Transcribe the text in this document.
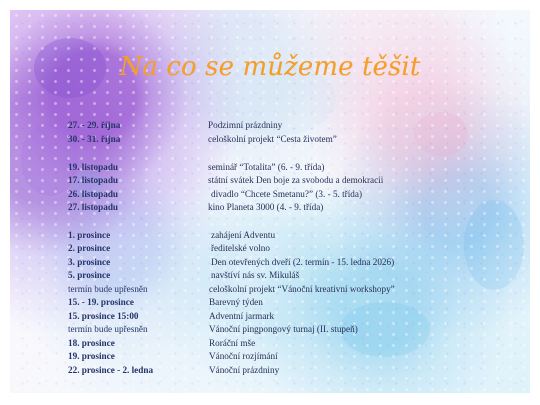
Na co se můžeme těšit
27. - 29. října	Podzimní prázdniny
30. - 31. října	celoškolní projekt “Cesta životem”
19. listopadu	seminář “Totalita” (6. - 9. třída)
17. listopadu	státní svátek Den boje za svobodu a demokracii
26. listopadu	divadlo “Chcete Smetanu?” (3. - 5. třída)
27. listopadu	kino Planeta 3000 (4. - 9. třída)
1. prosince	zahájení Adventu
2. prosince	ředitelské volno
3. prosince	Den otevřených dveří (2. termín - 15. ledna 2026)
5. prosince	navštíví nás sv. Mikuláš
termín bude upřesněn	celoškolní projekt “Vánoční kreativní workshopy”
15. - 19. prosince	Barevný týden
15. prosince 15:00	Adventní jarmark
termín bude upřesněn	Vánoční pingpongový turnaj (II. stupeň)
18. prosince	Roráční mše
19. prosince	Vánoční rozjímání
22. prosince - 2. ledna	Vánoční prázdniny
